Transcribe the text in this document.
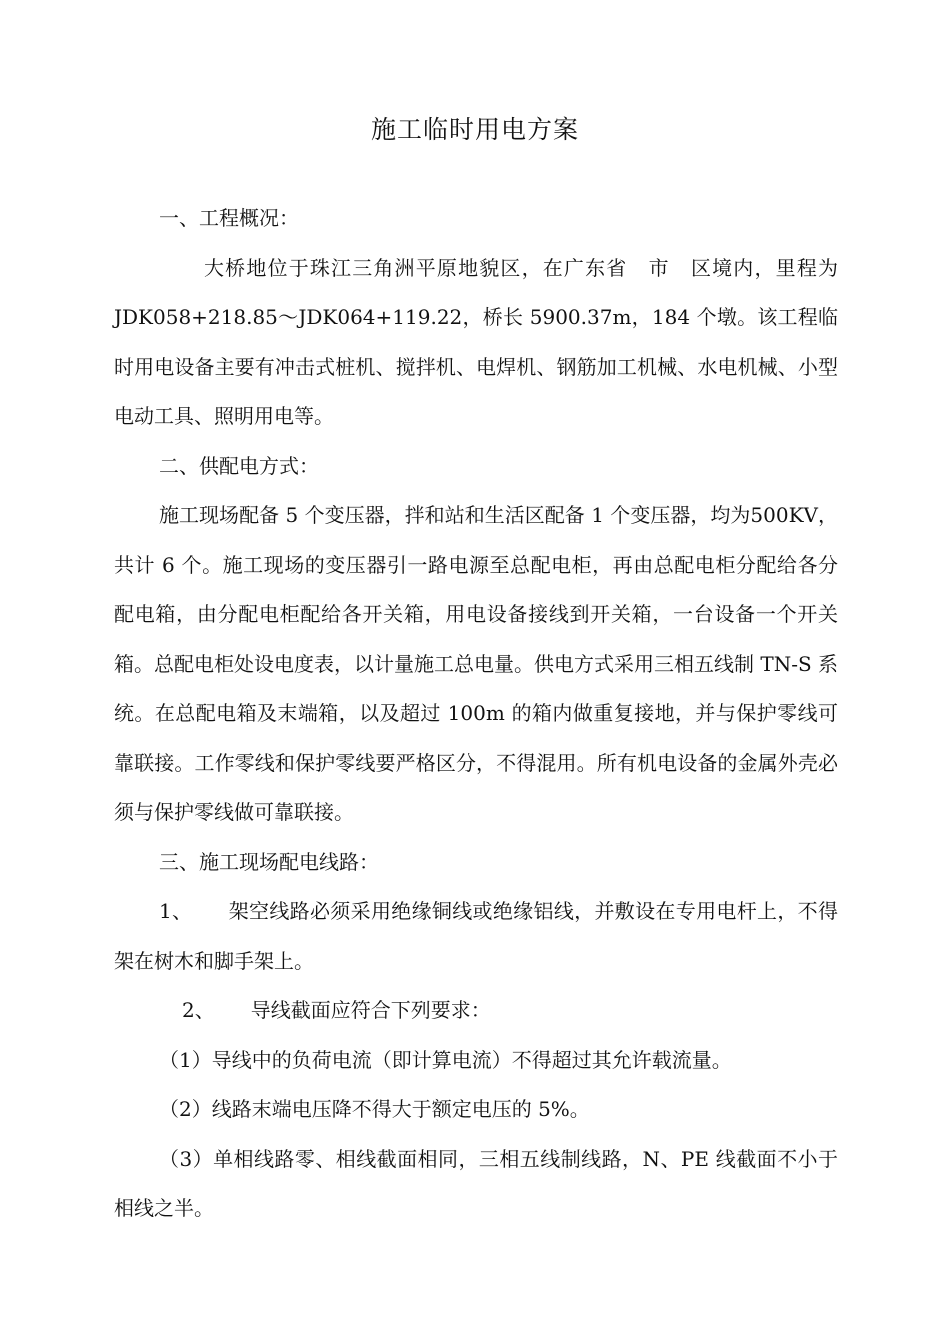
施工临时用电方案

一、工程概况：

大桥地位于珠江三角洲平原地貌区，在广东省　市　区境内，里程为 JDK058+218.85～JDK064+119.22，桥长 5900.37m，184 个墩。该工程临时用电设备主要有冲击式桩机、搅拌机、电焊机、钢筋加工机械、水电机械、小型电动工具、照明用电等。

二、供配电方式：

施工现场配备 5 个变压器，拌和站和生活区配备 1 个变压器，均为500KV，共计 6 个。施工现场的变压器引一路电源至总配电柜，再由总配电柜分配给各分配电箱，由分配电柜配给各开关箱，用电设备接线到开关箱，一台设备一个开关箱。总配电柜处设电度表，以计量施工总电量。供电方式采用三相五线制 TN-S 系统。在总配电箱及末端箱，以及超过 100m 的箱内做重复接地，并与保护零线可靠联接。工作零线和保护零线要严格区分，不得混用。所有机电设备的金属外壳必须与保护零线做可靠联接。

三、施工现场配电线路：

1、 架空线路必须采用绝缘铜线或绝缘铝线，并敷设在专用电杆上，不得架在树木和脚手架上。

2、 导线截面应符合下列要求：

（1）导线中的负荷电流（即计算电流）不得超过其允许载流量。

（2）线路末端电压降不得大于额定电压的 5%。

（3）单相线路零、相线截面相同，三相五线制线路，N、PE 线截面不小于相线之半。
